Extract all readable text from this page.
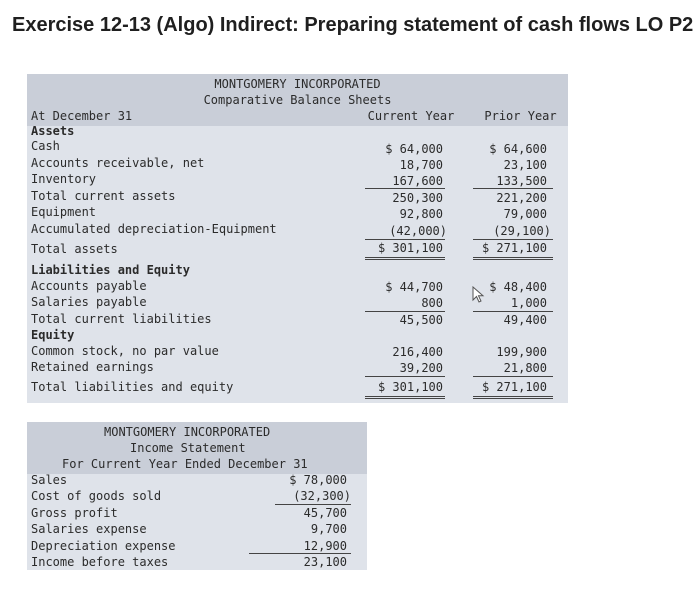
Exercise 12-13 (Algo) Indirect: Preparing statement of cash flows LO P2
MONTGOMERY INCORPORATED
Comparative Balance Sheets
At December 31	Current Year	Prior Year
Assets
Cash	$ 64,000	$ 64,600
Accounts receivable, net	18,700	23,100
Inventory	167,600	133,500
Total current assets	250,300	221,200
Equipment	92,800	79,000
Accumulated depreciation-Equipment	(42,000)	(29,100)
Total assets	$ 301,100	$ 271,100
Liabilities and Equity
Accounts payable	$ 44,700	$ 48,400
Salaries payable	800	1,000
Total current liabilities	45,500	49,400
Equity
Common stock, no par value	216,400	199,900
Retained earnings	39,200	21,800
Total liabilities and equity	$ 301,100	$ 271,100
MONTGOMERY INCORPORATED
Income Statement
For Current Year Ended December 31
Sales	$ 78,000
Cost of goods sold	(32,300)
Gross profit	45,700
Salaries expense	9,700
Depreciation expense	12,900
Income before taxes	23,100
